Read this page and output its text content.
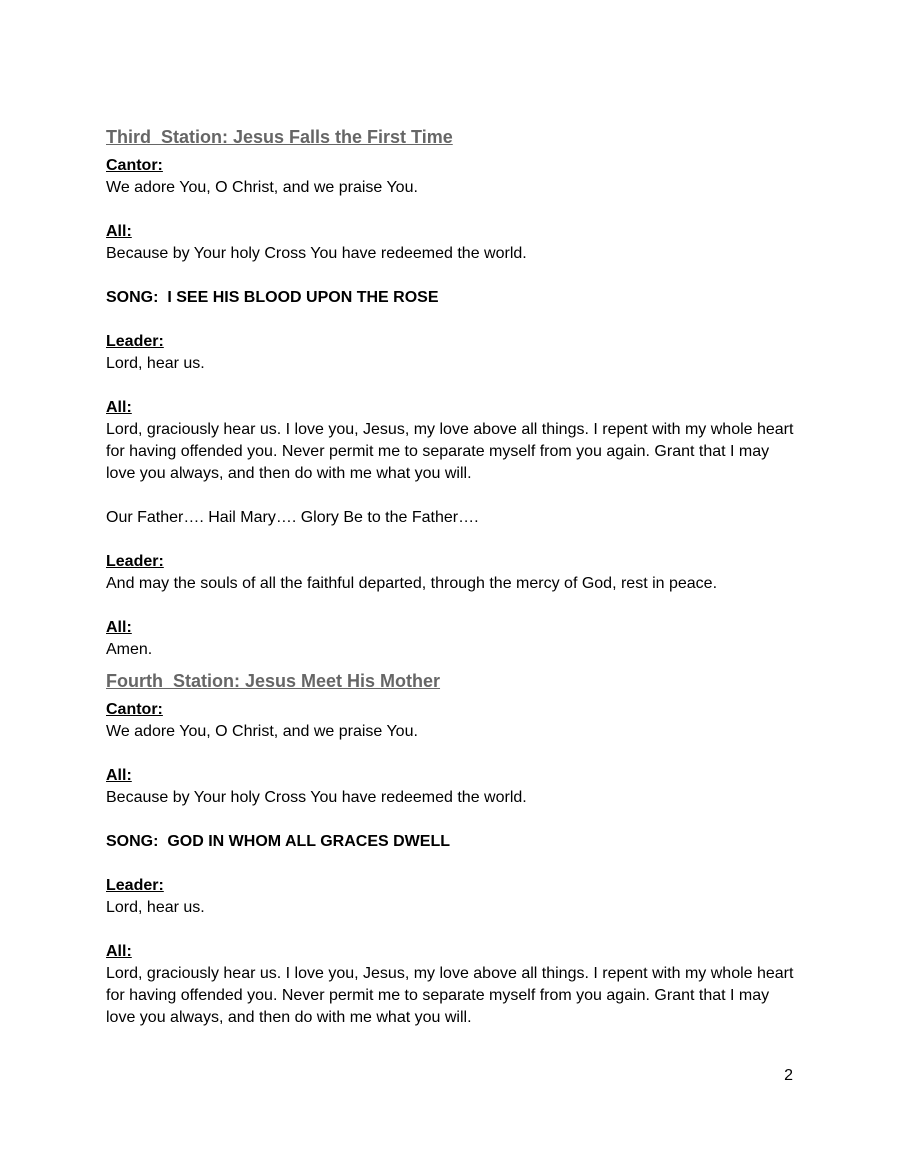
Third  Station: Jesus Falls the First Time
Cantor:
We adore You, O Christ, and we praise You.
All:
Because by Your holy Cross You have redeemed the world.
SONG:  I SEE HIS BLOOD UPON THE ROSE
Leader:
Lord, hear us.
All:
Lord, graciously hear us. I love you, Jesus, my love above all things. I repent with my whole heart for having offended you. Never permit me to separate myself from you again. Grant that I may love you always, and then do with me what you will.
Our Father…. Hail Mary…. Glory Be to the Father….
Leader:
And may the souls of all the faithful departed, through the mercy of God, rest in peace.
All:
Amen.
Fourth  Station: Jesus Meet His Mother
Cantor:
We adore You, O Christ, and we praise You.
All:
Because by Your holy Cross You have redeemed the world.
SONG:  GOD IN WHOM ALL GRACES DWELL
Leader:
Lord, hear us.
All:
Lord, graciously hear us. I love you, Jesus, my love above all things. I repent with my whole heart for having offended you. Never permit me to separate myself from you again. Grant that I may love you always, and then do with me what you will.
2
